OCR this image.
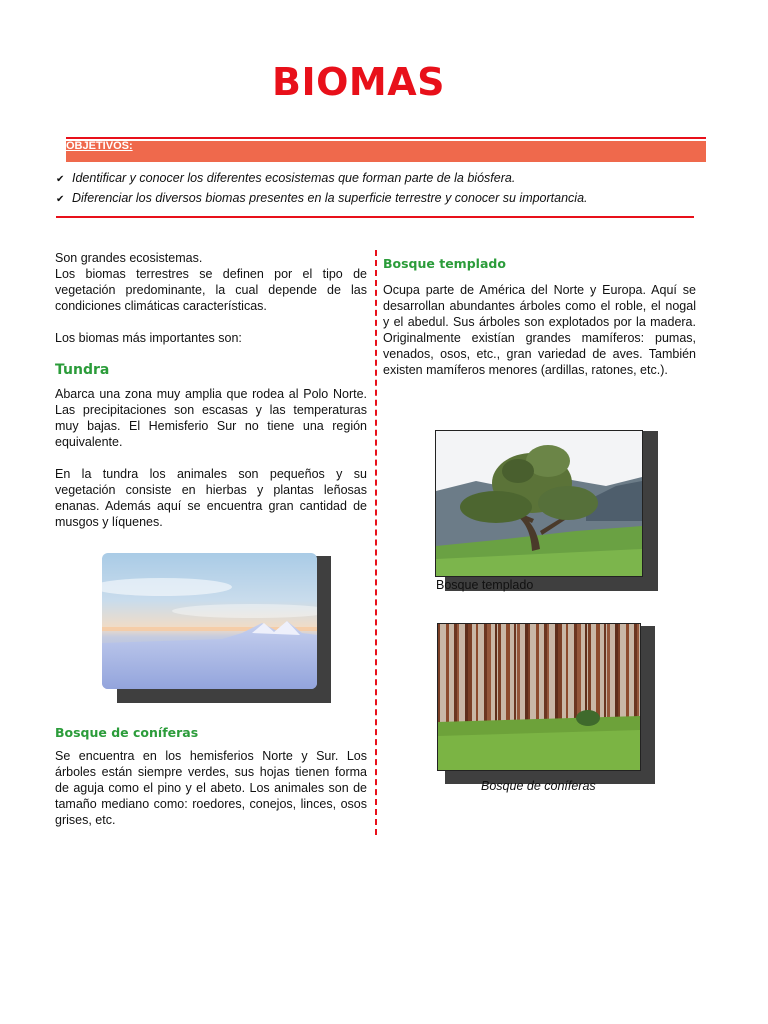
BIOMAS
OBJETIVOS:
✔ Identificar y conocer los diferentes ecosistemas que forman parte de la biósfera.
✔ Diferenciar los diversos biomas presentes en la superficie terrestre y conocer su importancia.

Son grandes ecosistemas.

Los biomas terrestres se definen por el tipo de vegetación predominante, la cual depende de las condiciones climáticas características.

Los biomas más importantes son:

Tundra

Abarca una zona muy amplia que rodea al Polo Norte. Las precipitaciones son escasas y las temperaturas muy bajas. El Hemisferio Sur no tiene una región equivalente.

En la tundra los animales son pequeños y su vegetación consiste en hierbas y plantas leñosas enanas. Además aquí se encuentra gran cantidad de musgos y líquenes.

Bosque de coníferas

Se encuentra en los hemisferios Norte y Sur. Los árboles están siempre verdes, sus hojas tienen forma de aguja como el pino y el abeto. Los animales son de tamaño mediano como: roedores, conejos, linces, osos grises, etc.

Bosque templado

Ocupa parte de América del Norte y Europa. Aquí se desarrollan abundantes árboles como el roble, el nogal y el abedul. Sus árboles son explotados por la madera. Originalmente existían grandes mamíferos: pumas, venados, osos, etc., gran variedad de aves. También existen mamíferos menores (ardillas, ratones, etc.).

Bosque templado
Bosque de coníferas
